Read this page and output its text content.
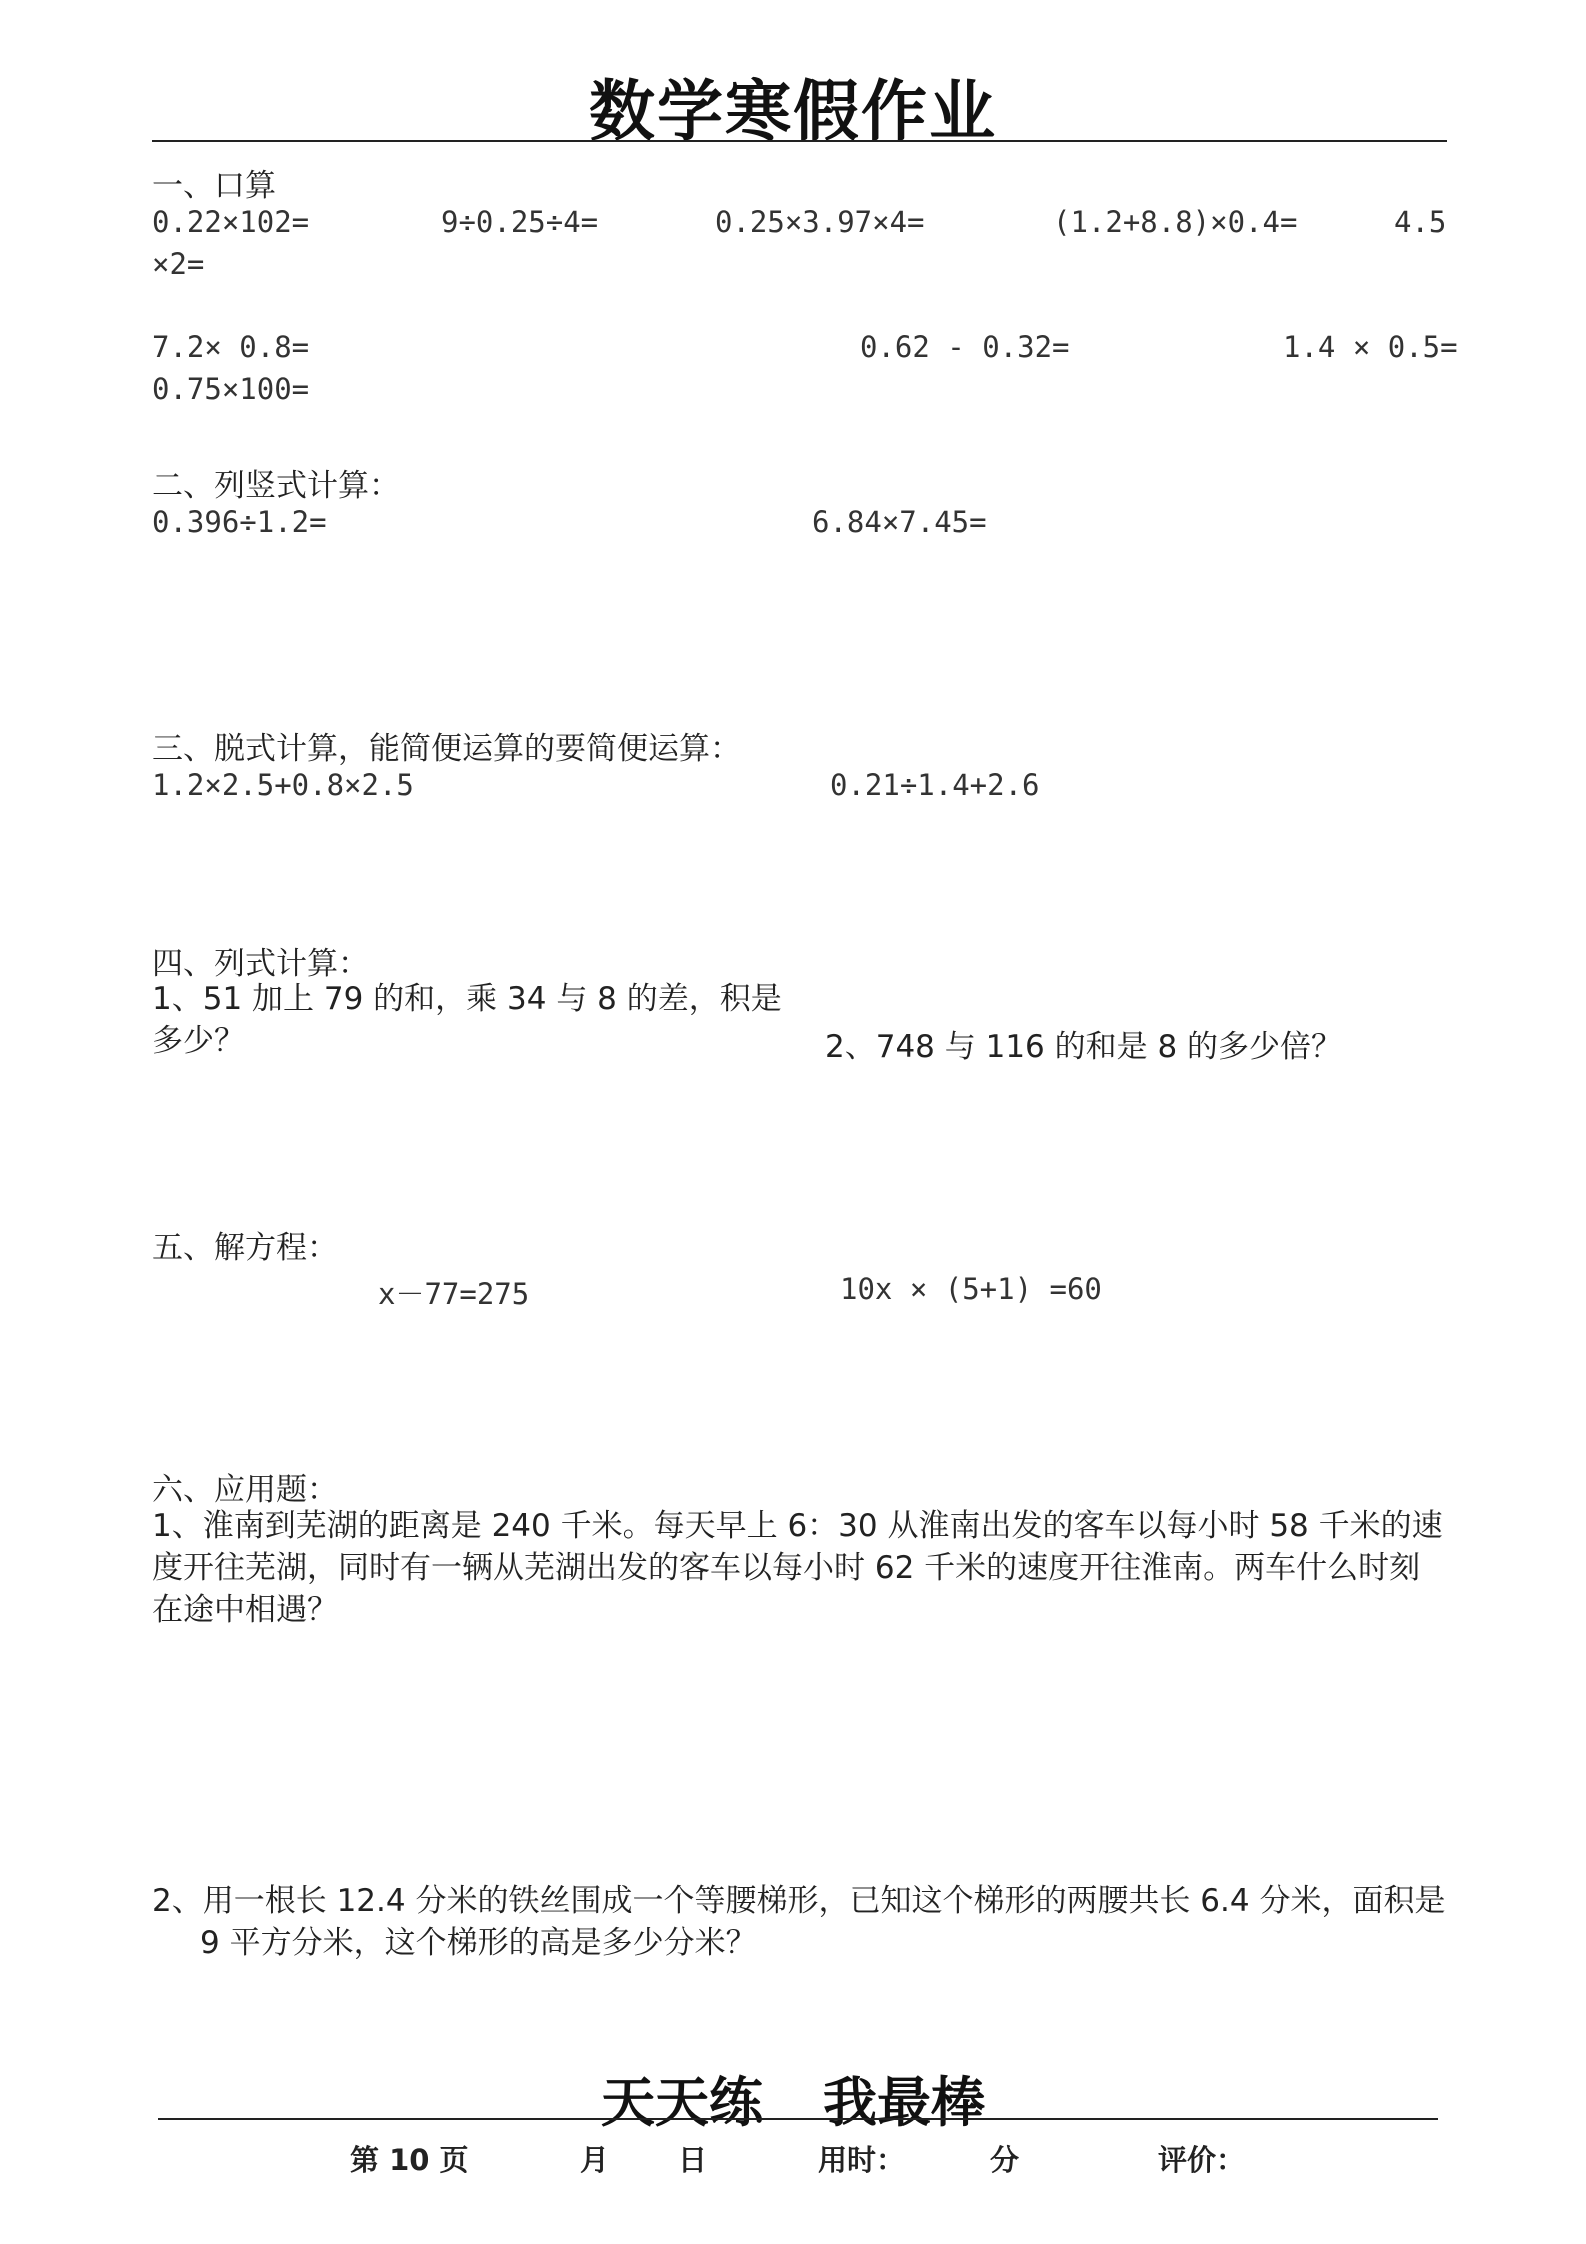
数学寒假作业
一、口算
0.22×102=	9÷0.25÷4=	0.25×3.97×4=	(1.2+8.8)×0.4=	4.5
×2=
7.2× 0.8=	0.62 - 0.32=	1.4 × 0.5=
0.75×100=
二、列竖式计算：
0.396÷1.2=	6.84×7.45=
三、脱式计算，能简便运算的要简便运算：
1.2×2.5+0.8×2.5	0.21÷1.4+2.6
四、列式计算：
1、51 加上 79 的和，乘 34 与 8 的差，积是多少？	2、748 与 116 的和是 8 的多少倍？
五、解方程：
x－77=275	10x × (5+1) =60
六、应用题：
1、淮南到芜湖的距离是 240 千米。每天早上 6：30 从淮南出发的客车以每小时 58 千米的速度开往芜湖，同时有一辆从芜湖出发的客车以每小时 62 千米的速度开往淮南。两车什么时刻在途中相遇？
2、用一根长 12.4 分米的铁丝围成一个等腰梯形，已知这个梯形的两腰共长 6.4 分米，面积是 9 平方分米，这个梯形的高是多少分米？
天天练 我最棒
第 10 页	月 日	用时：	分	评价：
